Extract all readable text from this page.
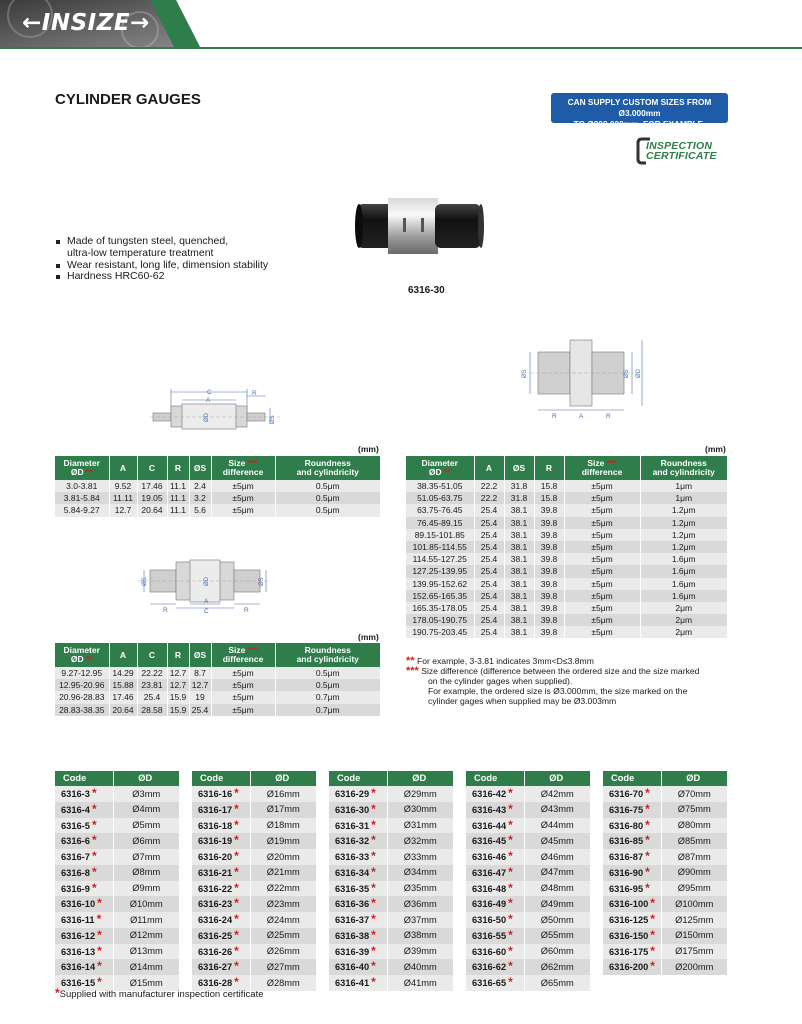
←INSIZE→
CYLINDER GAUGES	CAN SUPPLY CUSTOM SIZES FROM Ø3.000mm
TO Ø200.000mm, FOR EXAMPLE, Ø20.218mm
INSPECTION
CERTIFICATE
6316-30
Made of tungsten steel, quenched,
ultra-low temperature treatment
Wear resistant, long life, dimension stability
Hardness HRC60-62
C
A
R
ØD	ØS
ØS	ØD	ØS
A
C
R	R
ØS	ØS ØD
R	A	R
(mm)
Diameter
ØD **	A	C	R	ØS	Size ***
difference	Roundness
and cylindricity
3.0-3.81	9.52	17.46	11.1	2.4	±5μm	0.5μm
3.81-5.84	11.11	19.05	11.1	3.2	±5μm	0.5μm
5.84-9.27	12.7	20.64	11.1	5.6	±5μm	0.5μm
(mm)
Diameter
ØD **	A	C	R	ØS	Size ***
difference	Roundness
and cylindricity
9.27-12.95	14.29	22.22	12.7	8.7	±5μm	0.5μm
12.95-20.96	15.88	23.81	12.7	12.7	±5μm	0.5μm
20.96-28.83	17.46	25.4	15.9	19	±5μm	0.7μm
28.83-38.35	20.64	28.58	15.9	25.4	±5μm	0.7μm
(mm)
Diameter
ØD **	A	ØS	R	Size ***
difference	Roundness
and cylindricity
38.35-51.05	22.2	31.8	15.8	±5μm	1μm
51.05-63.75	22.2	31.8	15.8	±5μm	1μm
63.75-76.45	25.4	38.1	39.8	±5μm	1.2μm
76.45-89.15	25.4	38.1	39.8	±5μm	1.2μm
89.15-101.85	25.4	38.1	39.8	±5μm	1.2μm
101.85-114.55	25.4	38.1	39.8	±5μm	1.2μm
114.55-127.25	25.4	38.1	39.8	±5μm	1.6μm
127.25-139.95	25.4	38.1	39.8	±5μm	1.6μm
139.95-152.62	25.4	38.1	39.8	±5μm	1.6μm
152.65-165.35	25.4	38.1	39.8	±5μm	1.6μm
165.35-178.05	25.4	38.1	39.8	±5μm	2μm
178.05-190.75	25.4	38.1	39.8	±5μm	2μm
190.75-203.45	25.4	38.1	39.8	±5μm	2μm
** For example, 3-3.81 indicates 3mm<D≤3.8mm
*** Size difference (difference between the ordered size and the size marked
on the cylinder gages when supplied).
For example, the ordered size is Ø3.000mm, the size marked on the
cylinder gages when supplied may be Ø3.003mm
Code	ØD
6316-3 *	Ø3mm
6316-4 *	Ø4mm
6316-5 *	Ø5mm
6316-6 *	Ø6mm
6316-7 *	Ø7mm
6316-8 *	Ø8mm
6316-9 *	Ø9mm
6316-10 *	Ø10mm
6316-11 *	Ø11mm
6316-12 *	Ø12mm
6316-13 *	Ø13mm
6316-14 *	Ø14mm
6316-15 *	Ø15mm
Code	ØD
6316-16 *	Ø16mm
6316-17 *	Ø17mm
6316-18 *	Ø18mm
6316-19 *	Ø19mm
6316-20 *	Ø20mm
6316-21 *	Ø21mm
6316-22 *	Ø22mm
6316-23 *	Ø23mm
6316-24 *	Ø24mm
6316-25 *	Ø25mm
6316-26 *	Ø26mm
6316-27 *	Ø27mm
6316-28 *	Ø28mm
Code	ØD
6316-29 *	Ø29mm
6316-30 *	Ø30mm
6316-31 *	Ø31mm
6316-32 *	Ø32mm
6316-33 *	Ø33mm
6316-34 *	Ø34mm
6316-35 *	Ø35mm
6316-36 *	Ø36mm
6316-37 *	Ø37mm
6316-38 *	Ø38mm
6316-39 *	Ø39mm
6316-40 *	Ø40mm
6316-41 *	Ø41mm
Code	ØD
6316-42 *	Ø42mm
6316-43 *	Ø43mm
6316-44 *	Ø44mm
6316-45 *	Ø45mm
6316-46 *	Ø46mm
6316-47 *	Ø47mm
6316-48 *	Ø48mm
6316-49 *	Ø49mm
6316-50 *	Ø50mm
6316-55 *	Ø55mm
6316-60 *	Ø60mm
6316-62 *	Ø62mm
6316-65 *	Ø65mm
Code	ØD
6316-70 *	Ø70mm
6316-75 *	Ø75mm
6316-80 *	Ø80mm
6316-85 *	Ø85mm
6316-87 *	Ø87mm
6316-90 *	Ø90mm
6316-95 *	Ø95mm
6316-100 *	Ø100mm
6316-125 *	Ø125mm
6316-150 *	Ø150mm
6316-175 *	Ø175mm
6316-200 *	Ø200mm
*Supplied with manufacturer inspection certificate
